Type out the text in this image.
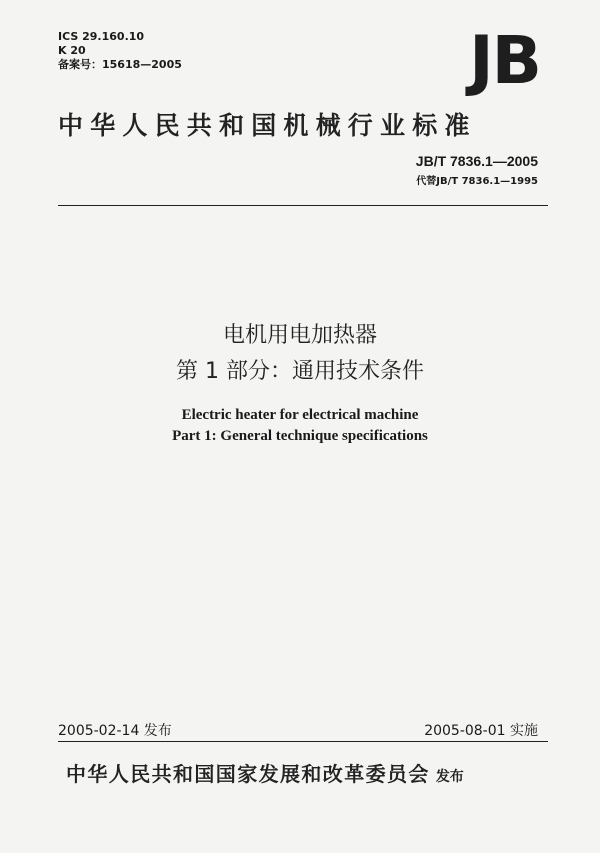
ICS 29.160.10
K 20
备案号：15618—2005	JB
中华人民共和国机械行业标准
JB/T 7836.1—2005
代替JB/T 7836.1—1995
电机用电加热器
第 1 部分：通用技术条件
Electric heater for electrical machine
Part 1: General technique specifications
2005-02-14 发布	2005-08-01 实施
中华人民共和国国家发展和改革委员会 发布
